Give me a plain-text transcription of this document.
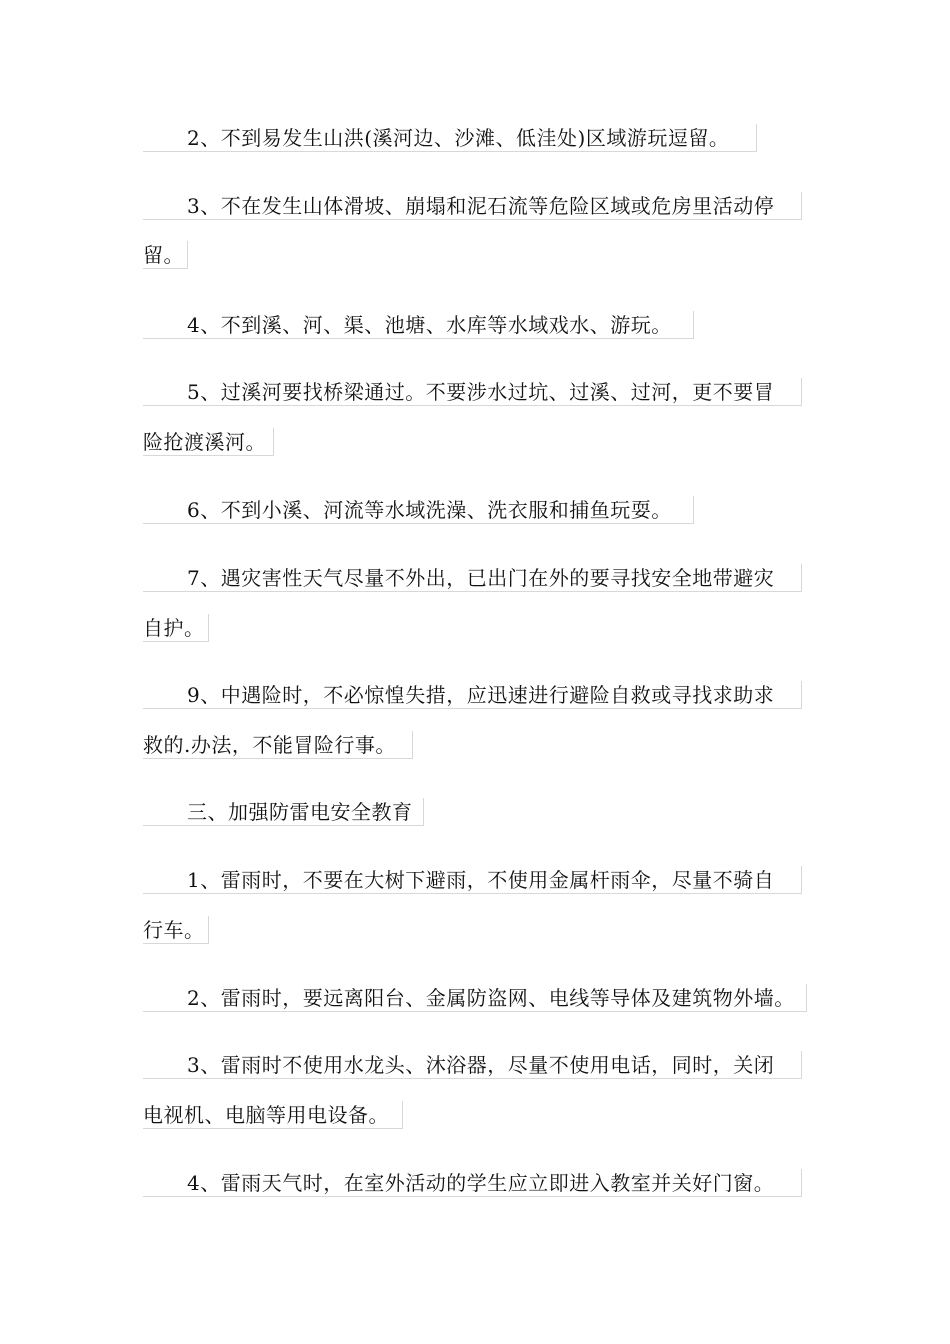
2、不到易发生山洪(溪河边、沙滩、低洼处)区域游玩逗留。
3、不在发生山体滑坡、崩塌和泥石流等危险区域或危房里活动停
留。
4、不到溪、河、渠、池塘、水库等水域戏水、游玩。
5、过溪河要找桥梁通过。不要涉水过坑、过溪、过河，更不要冒
险抢渡溪河。
6、不到小溪、河流等水域洗澡、洗衣服和捕鱼玩耍。
7、遇灾害性天气尽量不外出，已出门在外的要寻找安全地带避灾
自护。
9、中遇险时，不必惊惶失措，应迅速进行避险自救或寻找求助求
救的.办法，不能冒险行事。
三、加强防雷电安全教育
1、雷雨时，不要在大树下避雨，不使用金属杆雨伞，尽量不骑自
行车。
2、雷雨时，要远离阳台、金属防盗网、电线等导体及建筑物外墙。
3、雷雨时不使用水龙头、沐浴器，尽量不使用电话，同时，关闭
电视机、电脑等用电设备。
4、雷雨天气时，在室外活动的学生应立即进入教室并关好门窗。
